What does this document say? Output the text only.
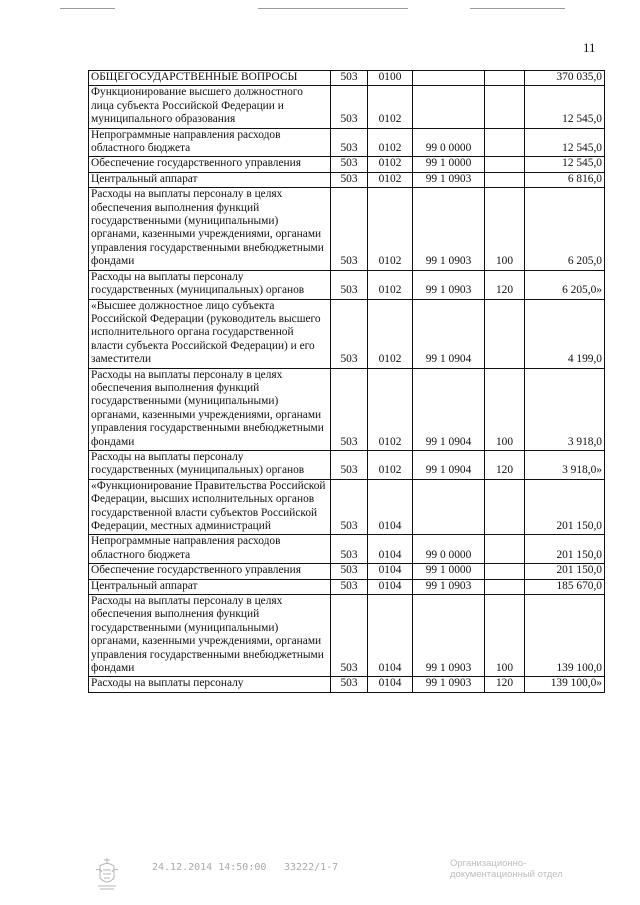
11
ОБЩЕГОСУДАРСТВЕННЫЕ ВОПРОСЫ	503	0100			370 035,0
Функционирование высшего должностного лица субъекта Российской Федерации и муниципального образования	503	0102			12 545,0
Непрограммные направления расходов областного бюджета	503	0102	99 0 0000		12 545,0
Обеспечение государственного управления	503	0102	99 1 0000		12 545,0
Центральный аппарат	503	0102	99 1 0903		6 816,0
Расходы на выплаты персоналу в целях обеспечения выполнения функций государственными (муниципальными) органами, казенными учреждениями, органами управления государственными внебюджетными фондами	503	0102	99 1 0903	100	6 205,0
Расходы на выплаты персоналу государственных (муниципальных) органов	503	0102	99 1 0903	120	6 205,0»
«Высшее должностное лицо субъекта Российской Федерации (руководитель высшего исполнительного органа государственной власти субъекта Российской Федерации) и его заместители	503	0102	99 1 0904		4 199,0
Расходы на выплаты персоналу в целях обеспечения выполнения функций государственными (муниципальными) органами, казенными учреждениями, органами управления государственными внебюджетными фондами	503	0102	99 1 0904	100	3 918,0
Расходы на выплаты персоналу государственных (муниципальных) органов	503	0102	99 1 0904	120	3 918,0»
«Функционирование Правительства Российской Федерации, высших исполнительных органов государственной власти субъектов Российской Федерации, местных администраций	503	0104			201 150,0
Непрограммные направления расходов областного бюджета	503	0104	99 0 0000		201 150,0
Обеспечение государственного управления	503	0104	99 1 0000		201 150,0
Центральный аппарат	503	0104	99 1 0903		185 670,0
Расходы на выплаты персоналу в целях обеспечения выполнения функций государственными (муниципальными) органами, казенными учреждениями, органами управления государственными внебюджетными фондами	503	0104	99 1 0903	100	139 100,0
Расходы на выплаты персоналу	503	0104	99 1 0903	120	139 100,0»
24.12.2014 14:50:00 33222/1-7	Организационно-
документационный отдел
